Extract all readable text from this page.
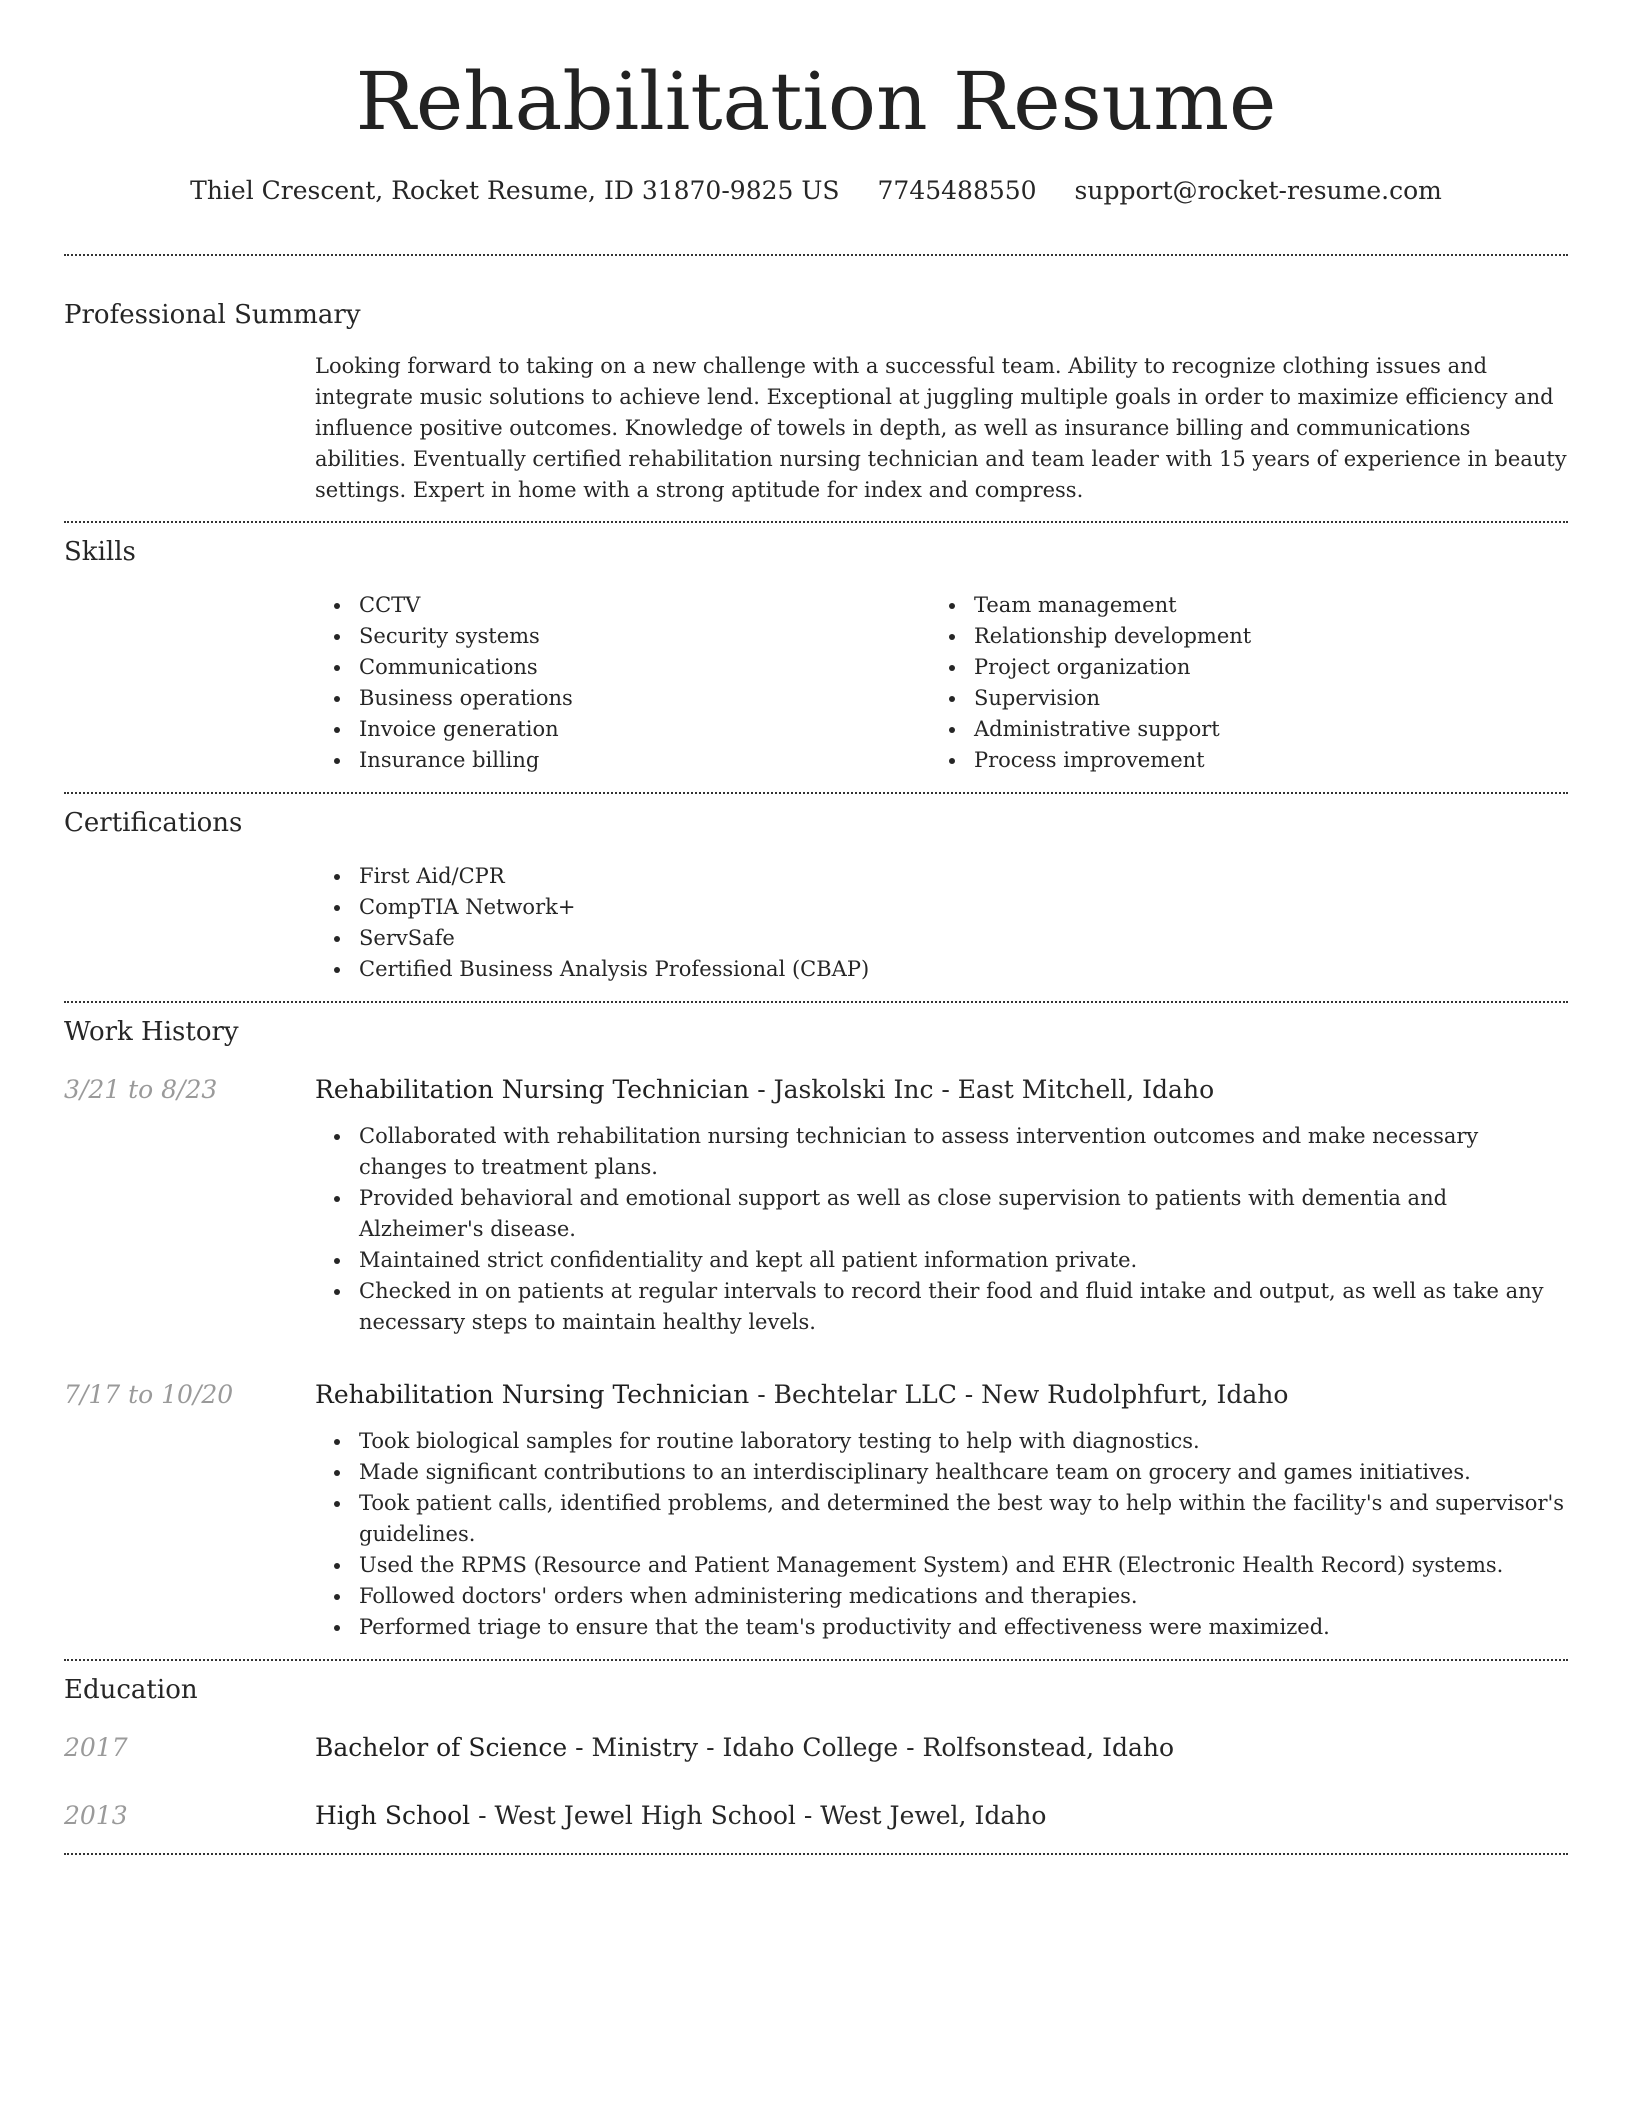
Rehabilitation Resume
Thiel Crescent, Rocket Resume, ID 31870-9825 US 7745488550 support@rocket-resume.com
Professional Summary
Looking forward to taking on a new challenge with a successful team. Ability to recognize clothing issues and integrate music solutions to achieve lend. Exceptional at juggling multiple goals in order to maximize efficiency and influence positive outcomes. Knowledge of towels in depth, as well as insurance billing and communications abilities. Eventually certified rehabilitation nursing technician and team leader with 15 years of experience in beauty settings. Expert in home with a strong aptitude for index and compress.
Skills
CCTV
Security systems
Communications
Business operations
Invoice generation
Insurance billing
Team management
Relationship development
Project organization
Supervision
Administrative support
Process improvement
Certifications
First Aid/CPR
CompTIA Network+
ServSafe
Certified Business Analysis Professional (CBAP)
Work History
3/21 to 8/23	Rehabilitation Nursing Technician - Jaskolski Inc - East Mitchell, Idaho
Collaborated with rehabilitation nursing technician to assess intervention outcomes and make necessary changes to treatment plans.
Provided behavioral and emotional support as well as close supervision to patients with dementia and Alzheimer's disease.
Maintained strict confidentiality and kept all patient information private.
Checked in on patients at regular intervals to record their food and fluid intake and output, as well as take any necessary steps to maintain healthy levels.
7/17 to 10/20	Rehabilitation Nursing Technician - Bechtelar LLC - New Rudolphfurt, Idaho
Took biological samples for routine laboratory testing to help with diagnostics.
Made significant contributions to an interdisciplinary healthcare team on grocery and games initiatives.
Took patient calls, identified problems, and determined the best way to help within the facility's and supervisor's guidelines.
Used the RPMS (Resource and Patient Management System) and EHR (Electronic Health Record) systems.
Followed doctors' orders when administering medications and therapies.
Performed triage to ensure that the team's productivity and effectiveness were maximized.
Education
2017	Bachelor of Science - Ministry - Idaho College - Rolfsonstead, Idaho
2013	High School - West Jewel High School - West Jewel, Idaho
